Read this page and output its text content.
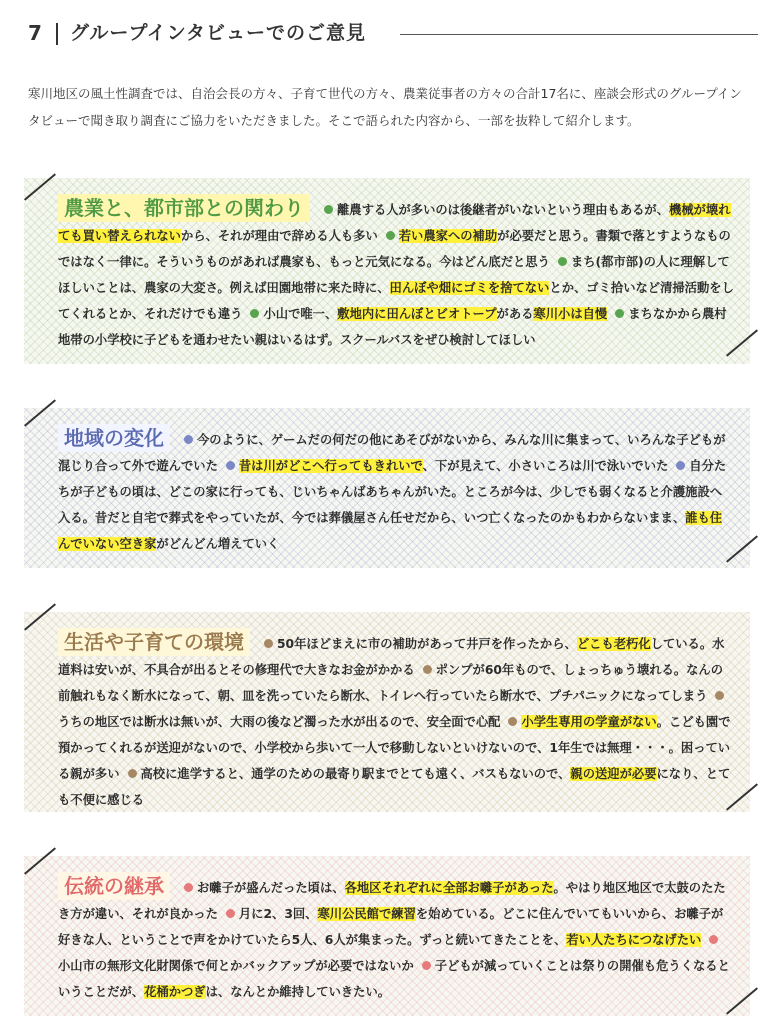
7 グループインタビューでのご意見
寒川地区の風土性調査では、自治会長の方々、子育て世代の方々、農業従事者の方々の合計17名に、座談会形式のグループインタビューで聞き取り調査にご協力をいただきました。そこで語られた内容から、一部を抜粋して紹介します。
農業と、都市部との関わり	離農する人が多いのは後継者がいないという理由もあるが、機械が壊れても買い替えられないから、それが理由で辞める人も多い 若い農家への補助が必要だと思う。書類で落とすようなものではなく一律に。そういうものがあれば農家も、もっと元気になる。今はどん底だと思う まち(都市部)の人に理解してほしいことは、農家の大変さ。例えば田園地帯に来た時に、田んぼや畑にゴミを捨てないとか、ゴミ拾いなど清掃活動をしてくれるとか、それだけでも違う 小山で唯一、敷地内に田んぼとビオトープがある寒川小は自慢 まちなかから農村地帯の小学校に子どもを通わせたい親はいるはず。スクールバスをぜひ検討してほしい
地域の変化	今のように、ゲームだの何だの他にあそびがないから、みんな川に集まって、いろんな子どもが混じり合って外で遊んでいた 昔は川がどこへ行ってもきれいで、下が見えて、小さいころは川で泳いでいた 自分たちが子どもの頃は、どこの家に行っても、じいちゃんばあちゃんがいた。ところが今は、少しでも弱くなると介護施設へ入る。昔だと自宅で葬式をやっていたが、今では葬儀屋さん任せだから、いつ亡くなったのかもわからないまま、誰も住んでいない空き家がどんどん増えていく
生活や子育ての環境	50年ほどまえに市の補助があって井戸を作ったから、どこも老朽化している。水道料は安いが、不具合が出るとその修理代で大きなお金がかかる ポンプが60年もので、しょっちゅう壊れる。なんの前触れもなく断水になって、朝、皿を洗っていたら断水、トイレへ行っていたら断水で、プチパニックになってしまううちの地区では断水は無いが、大雨の後など濁った水が出るので、安全面で心配 小学生専用の学童がない。こども園で預かってくれるが送迎がないので、小学校から歩いて一人で移動しないといけないので、1年生では無理・・・。困っている親が多い 高校に進学すると、通学のための最寄り駅までとても遠く、バスもないので、親の送迎が必要になり、とても不便に感じる
伝統の継承	お囃子が盛んだった頃は、各地区それぞれに全部お囃子があった。やはり地区地区で太鼓のたたき方が違い、それが良かった 月に2、3回、寒川公民館で練習を始めている。どこに住んでいてもいいから、お囃子が好きな人、ということで声をかけていたら5人、6人が集まった。ずっと続いてきたことを、若い人たちにつなげたい小山市の無形文化財関係で何とかバックアップが必要ではないか 子どもが減っていくことは祭りの開催も危うくなるということだが、花桶かつぎは、なんとか維持していきたい。
